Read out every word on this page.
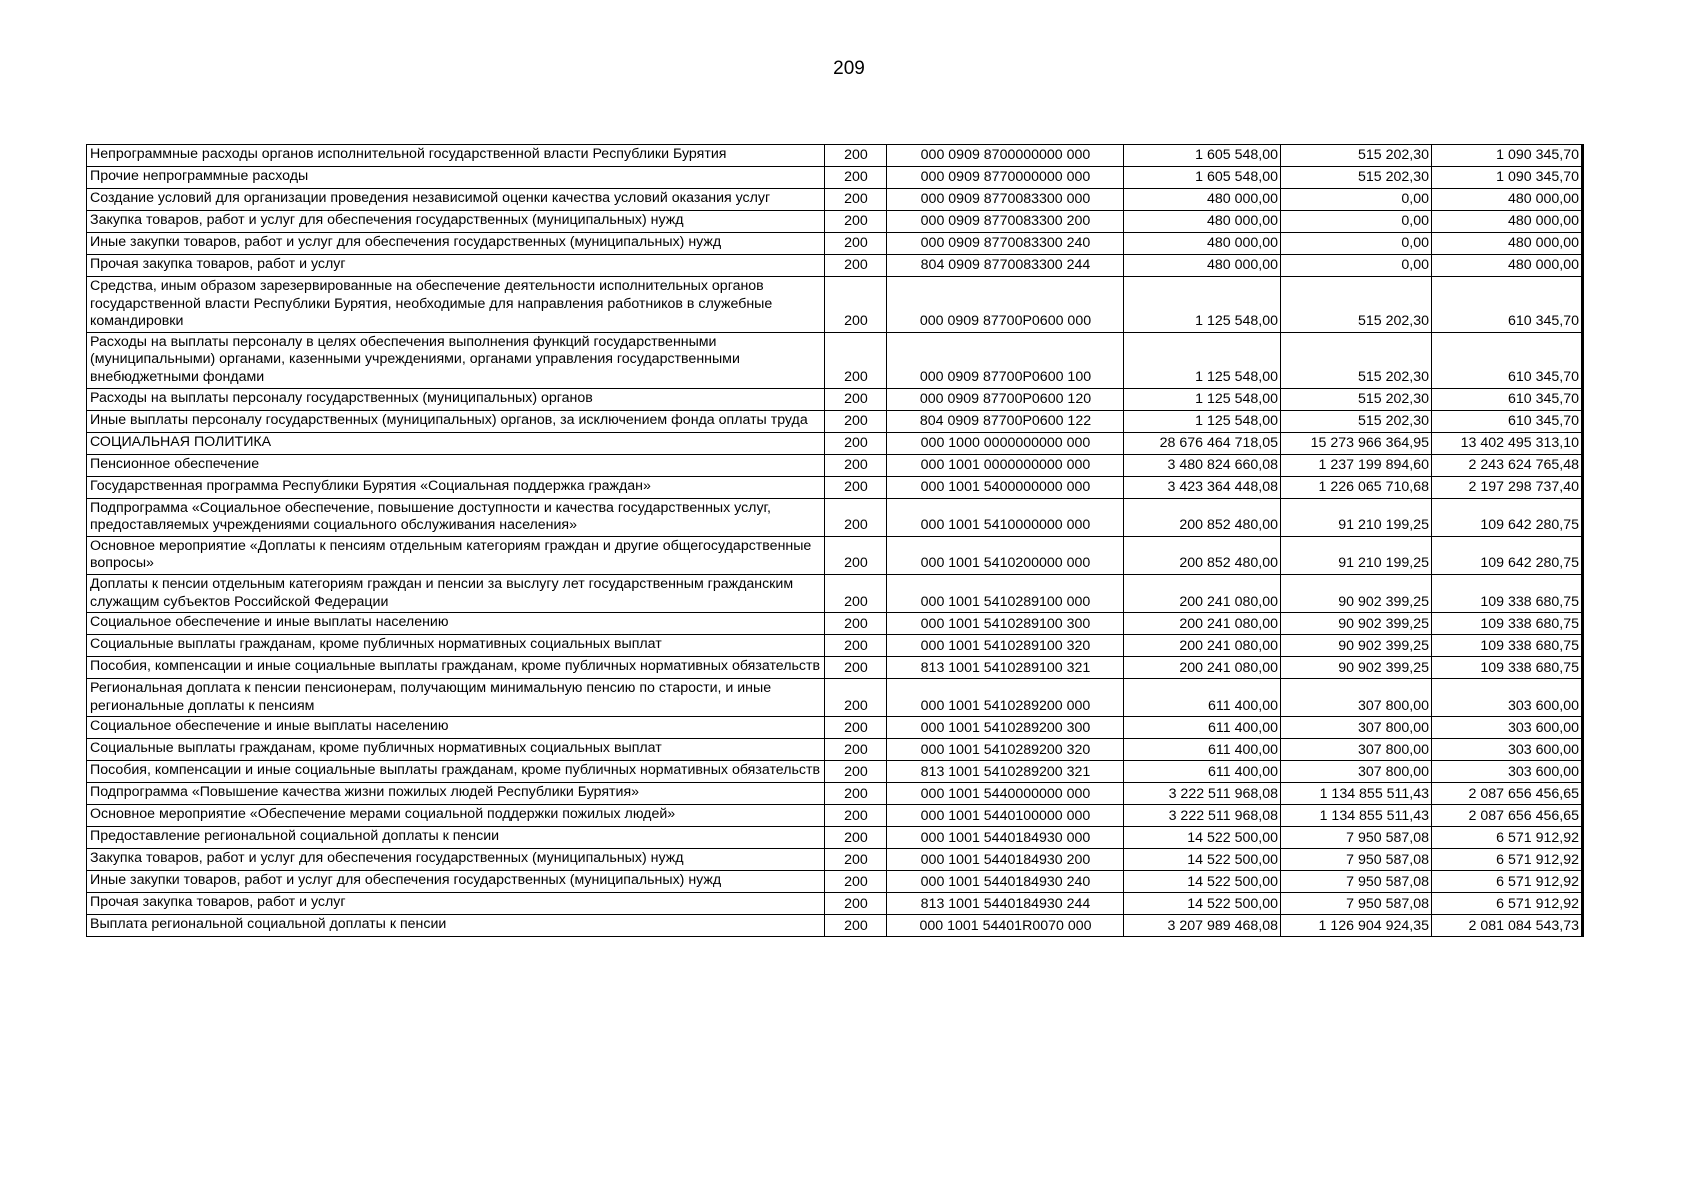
209
Непрограммные расходы органов исполнительной государственной власти Республики Бурятия	200	000 0909 8700000000 000	1 605 548,00	515 202,30	1 090 345,70
Прочие непрограммные расходы	200	000 0909 8770000000 000	1 605 548,00	515 202,30	1 090 345,70
Создание условий для организации проведения независимой оценки качества условий оказания услуг	200	000 0909 8770083300 000	480 000,00	0,00	480 000,00
Закупка товаров, работ и услуг для обеспечения государственных (муниципальных) нужд	200	000 0909 8770083300 200	480 000,00	0,00	480 000,00
Иные закупки товаров, работ и услуг для обеспечения государственных (муниципальных) нужд	200	000 0909 8770083300 240	480 000,00	0,00	480 000,00
Прочая закупка товаров, работ и услуг	200	804 0909 8770083300 244	480 000,00	0,00	480 000,00
Средства, иным образом зарезервированные на обеспечение деятельности исполнительных органов государственной власти Республики Бурятия, необходимые для направления работников в служебные командировки	200	000 0909 87700P0600 000	1 125 548,00	515 202,30	610 345,70
Расходы на выплаты персоналу в целях обеспечения выполнения функций государственными (муниципальными) органами, казенными учреждениями, органами управления государственными внебюджетными фондами	200	000 0909 87700P0600 100	1 125 548,00	515 202,30	610 345,70
Расходы на выплаты персоналу государственных (муниципальных) органов	200	000 0909 87700P0600 120	1 125 548,00	515 202,30	610 345,70
Иные выплаты персоналу государственных (муниципальных) органов, за исключением фонда оплаты труда	200	804 0909 87700P0600 122	1 125 548,00	515 202,30	610 345,70
СОЦИАЛЬНАЯ ПОЛИТИКА	200	000 1000 0000000000 000	28 676 464 718,05	15 273 966 364,95	13 402 495 313,10
Пенсионное обеспечение	200	000 1001 0000000000 000	3 480 824 660,08	1 237 199 894,60	2 243 624 765,48
Государственная программа Республики Бурятия «Социальная поддержка граждан»	200	000 1001 5400000000 000	3 423 364 448,08	1 226 065 710,68	2 197 298 737,40
Подпрограмма «Социальное обеспечение, повышение доступности и качества государственных услуг, предоставляемых учреждениями социального обслуживания населения»	200	000 1001 5410000000 000	200 852 480,00	91 210 199,25	109 642 280,75
Основное мероприятие «Доплаты к пенсиям отдельным категориям граждан и другие общегосударственные вопросы»	200	000 1001 5410200000 000	200 852 480,00	91 210 199,25	109 642 280,75
Доплаты к пенсии отдельным категориям граждан и пенсии за выслугу лет государственным гражданским служащим субъектов Российской Федерации	200	000 1001 5410289100 000	200 241 080,00	90 902 399,25	109 338 680,75
Социальное обеспечение и иные выплаты населению	200	000 1001 5410289100 300	200 241 080,00	90 902 399,25	109 338 680,75
Социальные выплаты гражданам, кроме публичных нормативных социальных выплат	200	000 1001 5410289100 320	200 241 080,00	90 902 399,25	109 338 680,75
Пособия, компенсации и иные социальные выплаты гражданам, кроме публичных нормативных обязательств	200	813 1001 5410289100 321	200 241 080,00	90 902 399,25	109 338 680,75
Региональная доплата к пенсии пенсионерам, получающим минимальную пенсию по старости, и иные региональные доплаты к пенсиям	200	000 1001 5410289200 000	611 400,00	307 800,00	303 600,00
Социальное обеспечение и иные выплаты населению	200	000 1001 5410289200 300	611 400,00	307 800,00	303 600,00
Социальные выплаты гражданам, кроме публичных нормативных социальных выплат	200	000 1001 5410289200 320	611 400,00	307 800,00	303 600,00
Пособия, компенсации и иные социальные выплаты гражданам, кроме публичных нормативных обязательств	200	813 1001 5410289200 321	611 400,00	307 800,00	303 600,00
Подпрограмма «Повышение качества жизни пожилых людей Республики Бурятия»	200	000 1001 5440000000 000	3 222 511 968,08	1 134 855 511,43	2 087 656 456,65
Основное мероприятие «Обеспечение мерами социальной поддержки пожилых людей»	200	000 1001 5440100000 000	3 222 511 968,08	1 134 855 511,43	2 087 656 456,65
Предоставление региональной социальной доплаты к пенсии	200	000 1001 5440184930 000	14 522 500,00	7 950 587,08	6 571 912,92
Закупка товаров, работ и услуг для обеспечения государственных (муниципальных) нужд	200	000 1001 5440184930 200	14 522 500,00	7 950 587,08	6 571 912,92
Иные закупки товаров, работ и услуг для обеспечения государственных (муниципальных) нужд	200	000 1001 5440184930 240	14 522 500,00	7 950 587,08	6 571 912,92
Прочая закупка товаров, работ и услуг	200	813 1001 5440184930 244	14 522 500,00	7 950 587,08	6 571 912,92
Выплата региональной социальной доплаты к пенсии	200	000 1001 54401R0070 000	3 207 989 468,08	1 126 904 924,35	2 081 084 543,73
